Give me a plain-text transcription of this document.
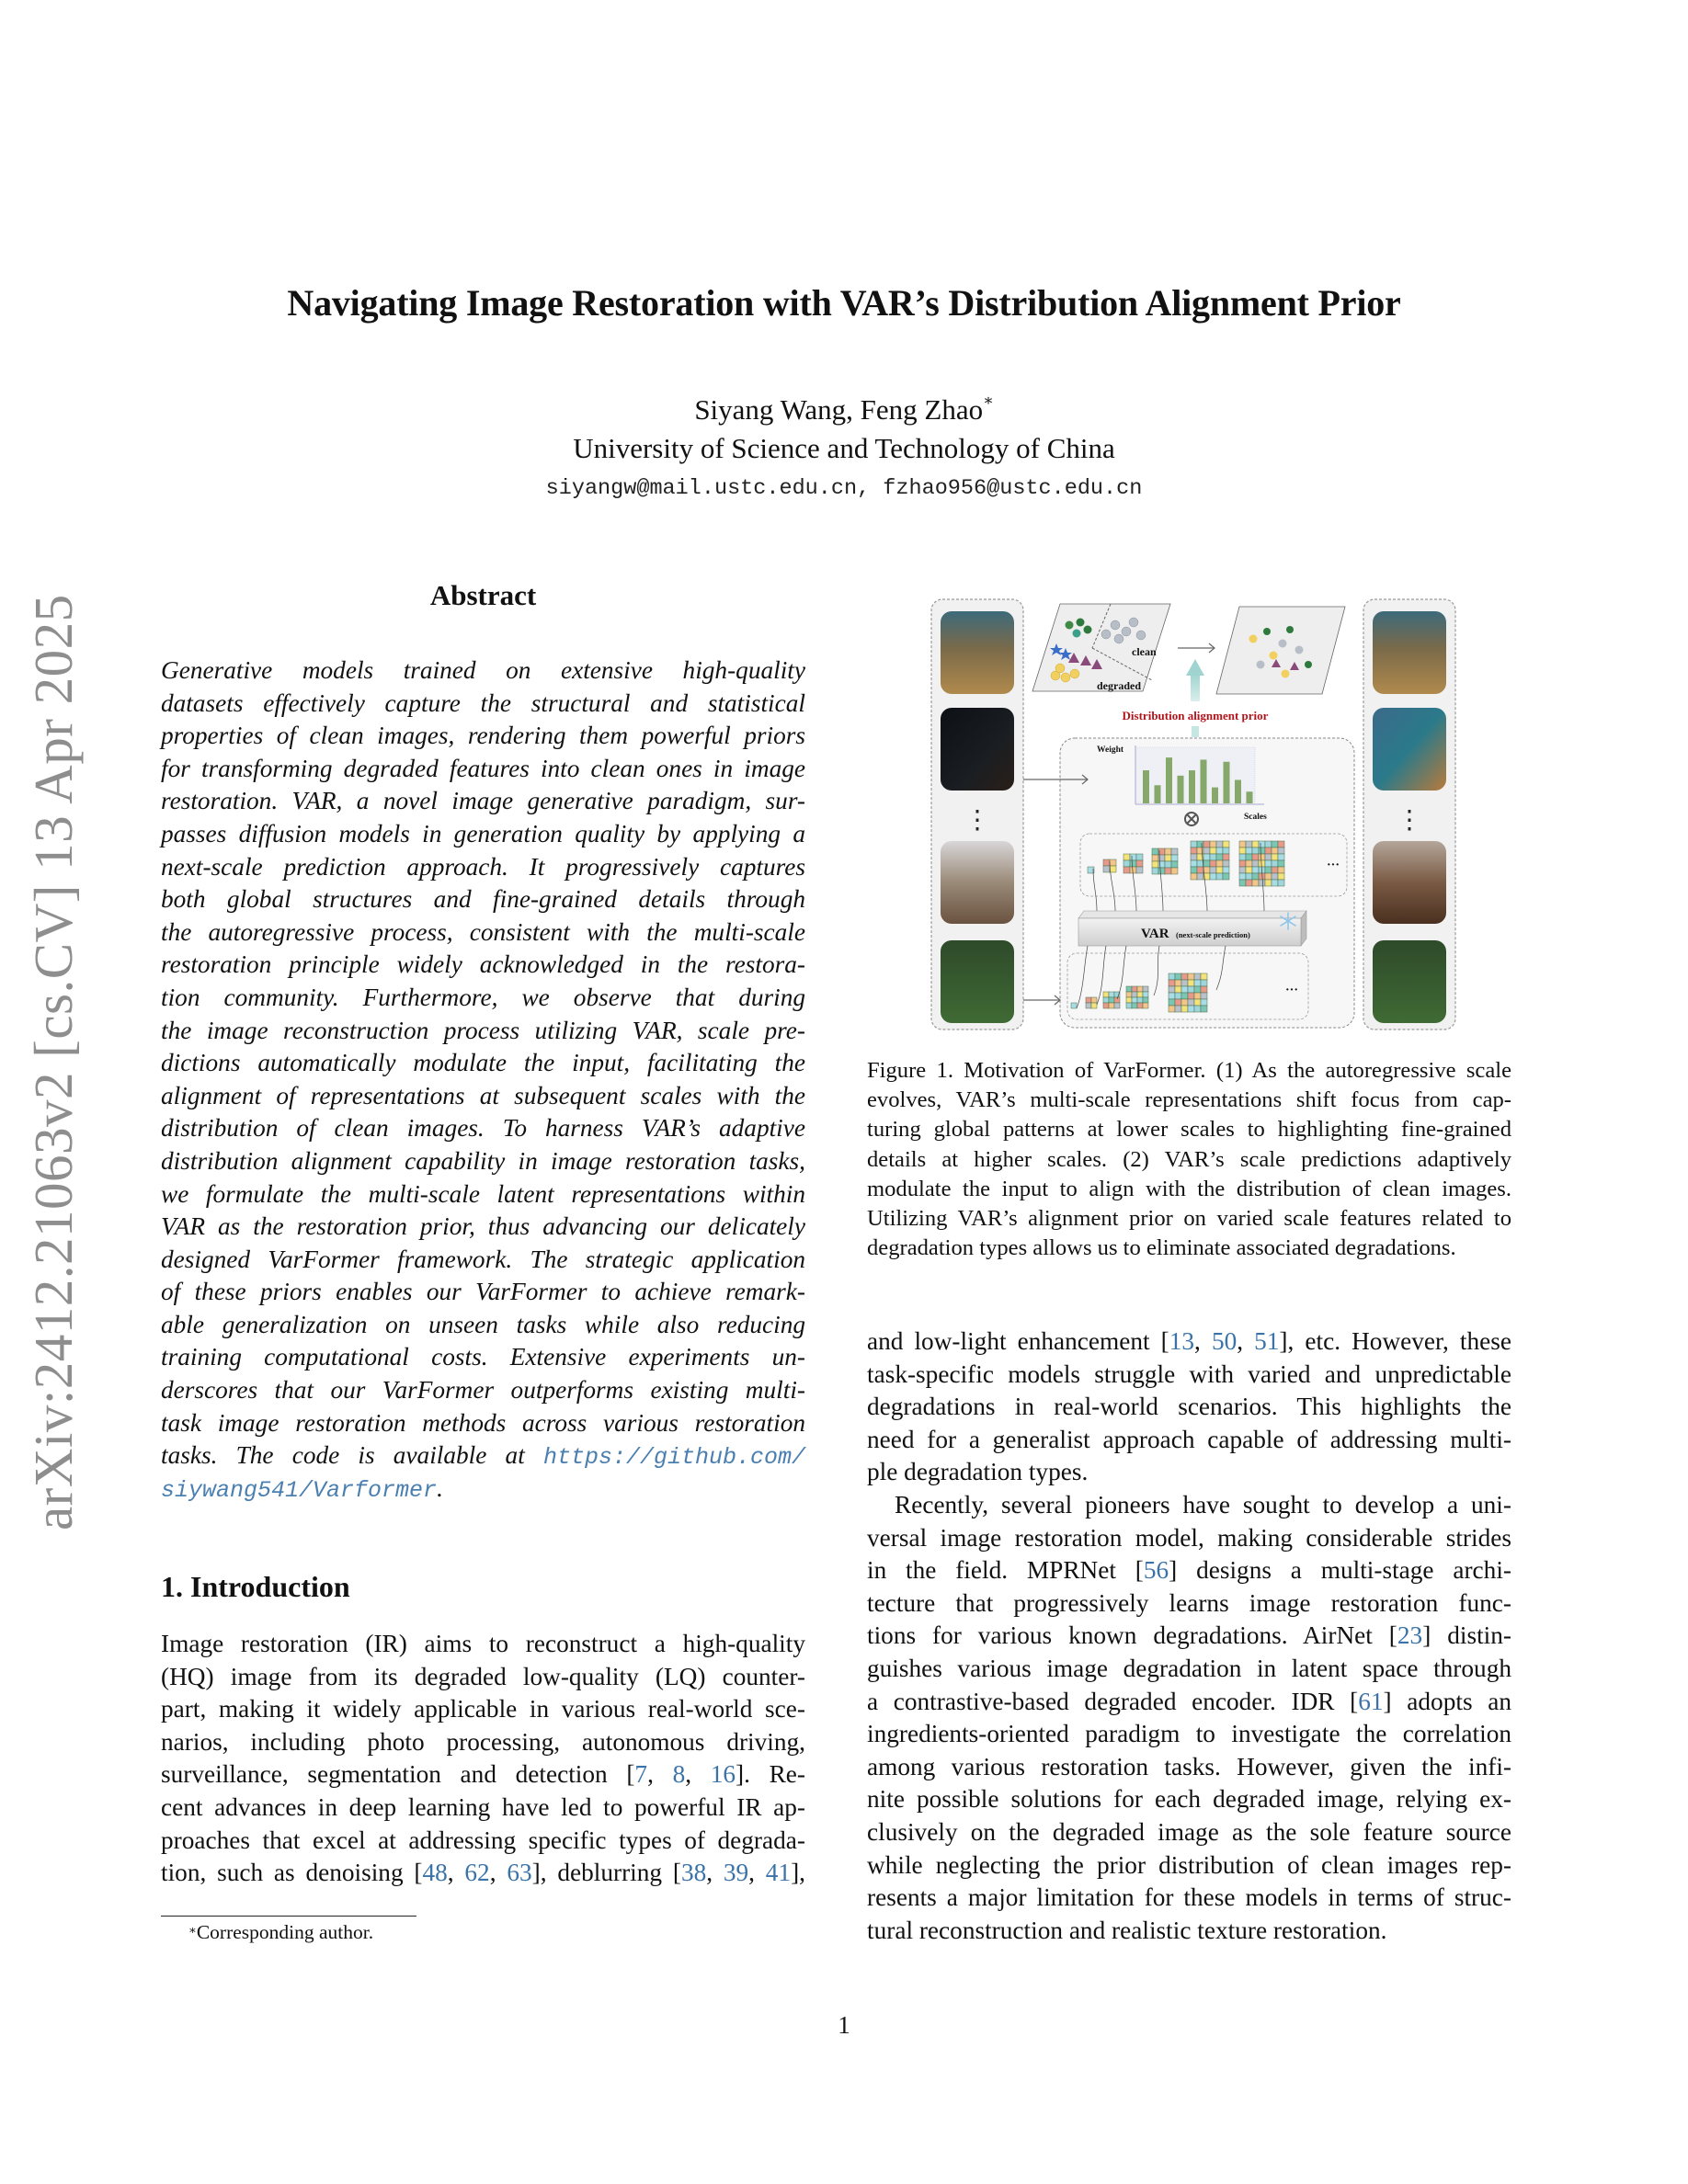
arXiv:2412.21063v2 [cs.CV] 13 Apr 2025
Navigating Image Restoration with VAR’s Distribution Alignment Prior
Siyang Wang, Feng Zhao∗
University of Science and Technology of China
siyangw@mail.ustc.edu.cn, fzhao956@ustc.edu.cn
Abstract
Generative models trained on extensive high-quality
datasets effectively capture the structural and statistical
properties of clean images, rendering them powerful priors
for transforming degraded features into clean ones in image
restoration. VAR, a novel image generative paradigm, sur-
passes diffusion models in generation quality by applying a
next-scale prediction approach. It progressively captures
both global structures and fine-grained details through
the autoregressive process, consistent with the multi-scale
restoration principle widely acknowledged in the restora-
tion community. Furthermore, we observe that during
the image reconstruction process utilizing VAR, scale pre-
dictions automatically modulate the input, facilitating the
alignment of representations at subsequent scales with the
distribution of clean images. To harness VAR’s adaptive
distribution alignment capability in image restoration tasks,
we formulate the multi-scale latent representations within
VAR as the restoration prior, thus advancing our delicately
designed VarFormer framework. The strategic application
of these priors enables our VarFormer to achieve remark-
able generalization on unseen tasks while also reducing
training computational costs. Extensive experiments un-
derscores that our VarFormer outperforms existing multi-
task image restoration methods across various restoration
tasks. The code is available at https://github.com/
siywang541/Varformer.
1. Introduction
Image restoration (IR) aims to reconstruct a high-quality
(HQ) image from its degraded low-quality (LQ) counter-
part, making it widely applicable in various real-world sce-
narios, including photo processing, autonomous driving,
surveillance, segmentation and detection [7, 8, 16]. Re-
cent advances in deep learning have led to powerful IR ap-
proaches that excel at addressing specific types of degrada-
tion, such as denoising [48, 62, 63], deblurring [38, 39, 41],
∗Corresponding author.
1
⋮	⋮
clean
degraded
Distribution alignment prior
Weight
Scales
···
VAR (next-scale prediction)
···
Figure 1. Motivation of VarFormer. (1) As the autoregressive scale
evolves, VAR’s multi-scale representations shift focus from cap-
turing global patterns at lower scales to highlighting fine-grained
details at higher scales. (2) VAR’s scale predictions adaptively
modulate the input to align with the distribution of clean images.
Utilizing VAR’s alignment prior on varied scale features related to
degradation types allows us to eliminate associated degradations.
and low-light enhancement [13, 50, 51], etc. However, these
task-specific models struggle with varied and unpredictable
degradations in real-world scenarios. This highlights the
need for a generalist approach capable of addressing multi-
ple degradation types.
Recently, several pioneers have sought to develop a uni-
versal image restoration model, making considerable strides
in the field. MPRNet [56] designs a multi-stage archi-
tecture that progressively learns image restoration func-
tions for various known degradations. AirNet [23] distin-
guishes various image degradation in latent space through
a contrastive-based degraded encoder. IDR [61] adopts an
ingredients-oriented paradigm to investigate the correlation
among various restoration tasks. However, given the infi-
nite possible solutions for each degraded image, relying ex-
clusively on the degraded image as the sole feature source
while neglecting the prior distribution of clean images rep-
resents a major limitation for these models in terms of struc-
tural reconstruction and realistic texture restoration.
